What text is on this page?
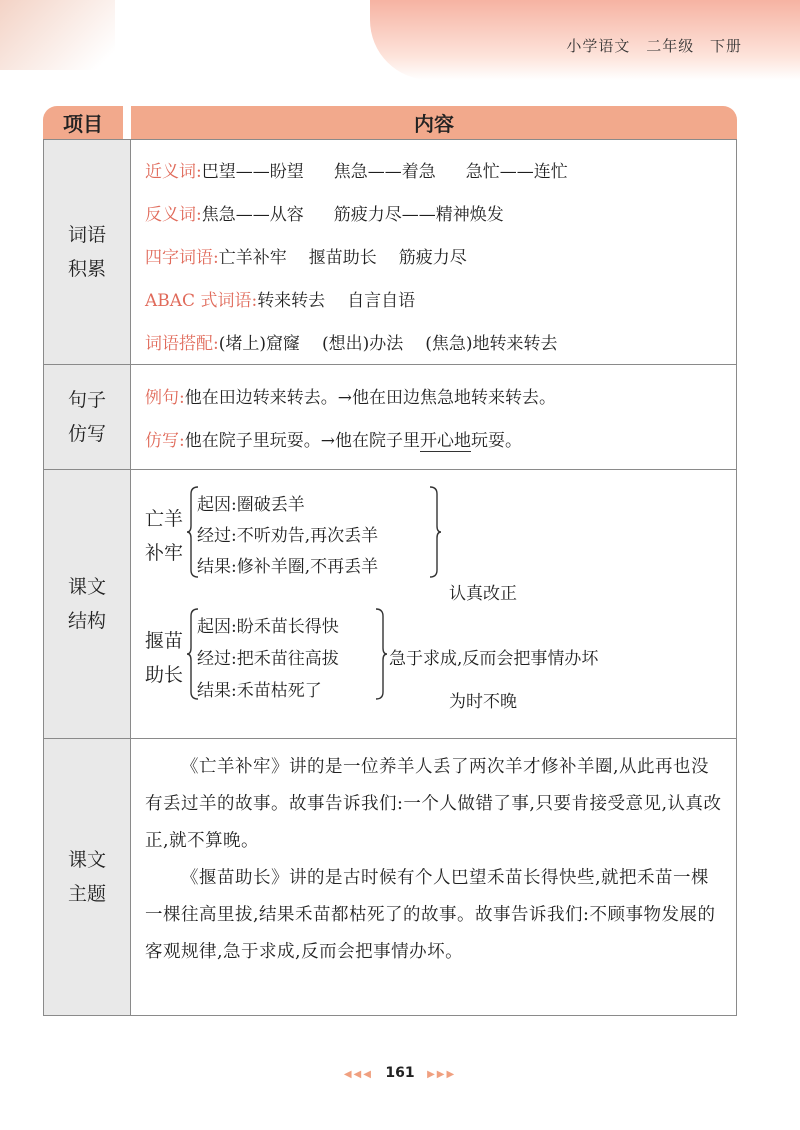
小学语文 二年级 下册
项目	内容
词语
积累
近义词: 巴望——盼望 焦急——着急 急忙——连忙
反义词: 焦急——从容 筋疲力尽——精神焕发
四字词语: 亡羊补牢 揠苗助长 筋疲力尽
ABAC 式词语: 转来转去 自言自语
词语搭配: (堵上)窟窿 (想出)办法 (焦急)地转来转去
句子
仿写
例句: 他在田边转来转去。→他在田边焦急地转来转去。
仿写: 他在院子里玩耍。→他在院子里 开心地 玩耍。
课文
结构
亡羊
补牢
起因:圈破丢羊
经过:不听劝告,再次丢羊
结果:修补羊圈,不再丢羊

认真改正

为时不晚

揠苗
助长
起因:盼禾苗长得快
经过:把禾苗往高拔
结果:禾苗枯死了
急于求成,反而会把事情办坏
课文
主题

《亡羊补牢》讲的是一位养羊人丢了两次羊才修补羊圈,从此再也没有丢过羊的故事。故事告诉我们:一个人做错了事,只要肯接受意见,认真改正,就不算晚。

《揠苗助长》讲的是古时候有个人巴望禾苗长得快些,就把禾苗一棵一棵往高里拔,结果禾苗都枯死了的故事。故事告诉我们:不顾事物发展的客观规律,急于求成,反而会把事情办坏。

◀◀◀ 161 ▶▶▶
